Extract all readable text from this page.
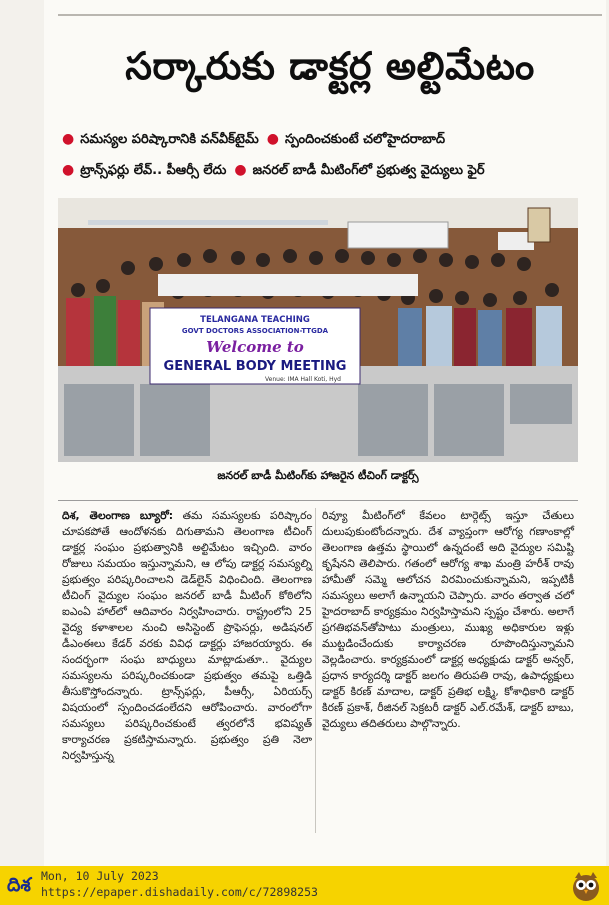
సర్కారుకు డాక్టర్ల అల్టిమేటం
● సమస్యల పరిష్కారానికి వన్‌వీక్‌టైమ్ ● స్పందించకుంటే చలోహైదరాబాద్
● ట్రాన్స్‌ఫర్లు లేవ్.. పీఆర్సీ లేదు ● జనరల్ బాడీ మీటింగ్‌లో ప్రభుత్వ వైద్యులు ఫైర్
TELANGANA TEACHING
GOVT DOCTORS ASSOCIATION-TTGDA
Welcome to
GENERAL BODY MEETING
Venue: IMA Hall Koti, Hyd
జనరల్ బాడీ మీటింగ్‌కు హాజరైన టీచింగ్ డాక్టర్స్

దిశ, తెలంగాణ బ్యూరో: తమ సమస్యలకు పరిష్కారం చూపకపోతే ఆందోళనకు దిగుతామని తెలంగాణ టీచింగ్ డాక్టర్ల సంఘం ప్రభుత్వానికి అల్టిమేటం ఇచ్చింది. వారం రోజులు సమయం ఇస్తున్నామని, ఆ లోపు డాక్టర్ల సమస్యల్ని ప్రభుత్వం పరిష్కరించాలని డెడ్‌లైన్ విధించింది. తెలంగాణ టీచింగ్ వైద్యుల సంఘం జనరల్ బాడీ మీటింగ్ కోఠిలోని ఐఎంఏ హాల్‌లో ఆదివారం నిర్వహించారు. రాష్ట్రంలోని 25 వైద్య కళాశాలల నుంచి అసిస్టెంట్ ప్రొఫెసర్లు, అడిషనల్ డీఎంఈలు కేడర్ వరకు వివిధ డాక్టర్లు హాజరయ్యారు. ఈ సందర్భంగా సంఘ బాధ్యులు మాట్లాడుతూ.. వైద్యుల సమస్యలను పరిష్కరించకుండా ప్రభుత్వం తమపై ఒత్తిడి తీసుకొస్తోందన్నారు. ట్రాన్స్‌ఫర్లు, పీఆర్సీ, ఏరియర్స్ విషయంలో స్పందించడంలేదని ఆరోపించారు. వారంలోగా సమస్యలు పరిష్కరించకుంటే త్వరలోనే భవిష్యత్ కార్యాచరణ ప్రకటిస్తామన్నారు. ప్రభుత్వం ప్రతి నెలా నిర్వహిస్తున్న

రివ్యూ మీటింగ్‌లో కేవలం టార్గెట్స్ ఇస్తూ చేతులు దులుపుకుంటోందన్నారు. దేశ వ్యాప్తంగా ఆరోగ్య గణాంకాల్లో తెలంగాణ ఉత్తమ స్థాయిలో ఉన్నదంటే అది వైద్యుల సమిష్టి కృషేనని తెలిపారు. గతంలో ఆరోగ్య శాఖ మంత్రి హరీశ్ రావు హామీతో సమ్మె ఆలోచన విరమించుకున్నామని, ఇప్పటికీ సమస్యలు అలాగే ఉన్నాయని చెప్పారు. వారం తర్వాత చలో హైదరాబాద్ కార్యక్రమం నిర్వహిస్తామని స్పష్టం చేశారు. అలాగే ప్రగతిభవన్‌తోపాటు మంత్రులు, ముఖ్య అధికారుల ఇళ్లు ముట్టడించేందుకు కార్యాచరణ రూపొందిస్తున్నామని వెల్లడించారు. కార్యక్రమంలో డాక్టర్ల అధ్యక్షుడు డాక్టర్ అన్వర్, ప్రధాన కార్యదర్శి డాక్టర్ జలగం తిరుపతి రావు, ఉపాధ్యక్షులు డాక్టర్ కిరణ్ మాదాల, డాక్టర్ ప్రతిభ లక్ష్మి, కోశాధికారి డాక్టర్ కిరణ్ ప్రకాశ్, రీజినల్ సెక్రటరీ డాక్టర్ ఎల్.రమేశ్, డాక్టర్ బాబు, వైద్యులు తదితరులు పాల్గొన్నారు.

దిశ Mon, 10 July 2023
https://epaper.dishadaily.com/c/72898253
